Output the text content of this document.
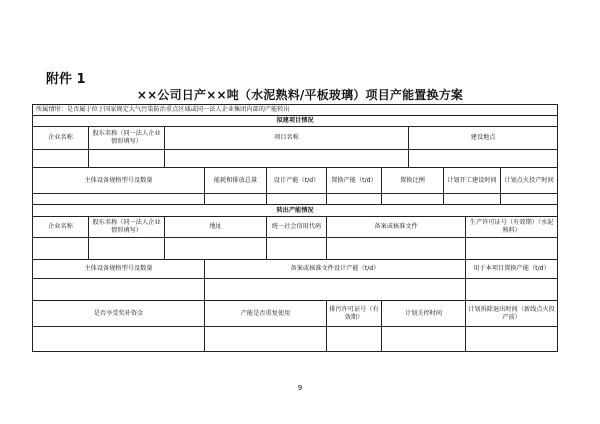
附件 1
××公司日产××吨（水泥熟料/平板玻璃）项目产能置换方案
所属情形：是否属于位于国家规定大气污染防治重点区域或同一法人企业集团内部的产能转出										
拟建项目情况										
企业名称	股东名称（同一法人企业情形填写）	项目名称					建设地点			

主体设备规格型号及数量			能耗和排放总量	设计产能（t/d）	置换产能（t/d）	置换比例		计划开工建设时间		计划点火投产时间

转出产能情况										
企业名称	股东名称（同一法人企业情形填写）	地址		统一社会信用代码	备案或核准文件				生产许可证号（有效期）（水泥熟料）	

主体设备规格型号及数量			备案或核准文件设计产能（t/d）						用于本项目置换产能（t/d）	

是否享受奖补资金			产能是否重复使用		排污许可证号（有效期）	计划关停时间			计划拆除退出时间（新线点火投产前）	

9
